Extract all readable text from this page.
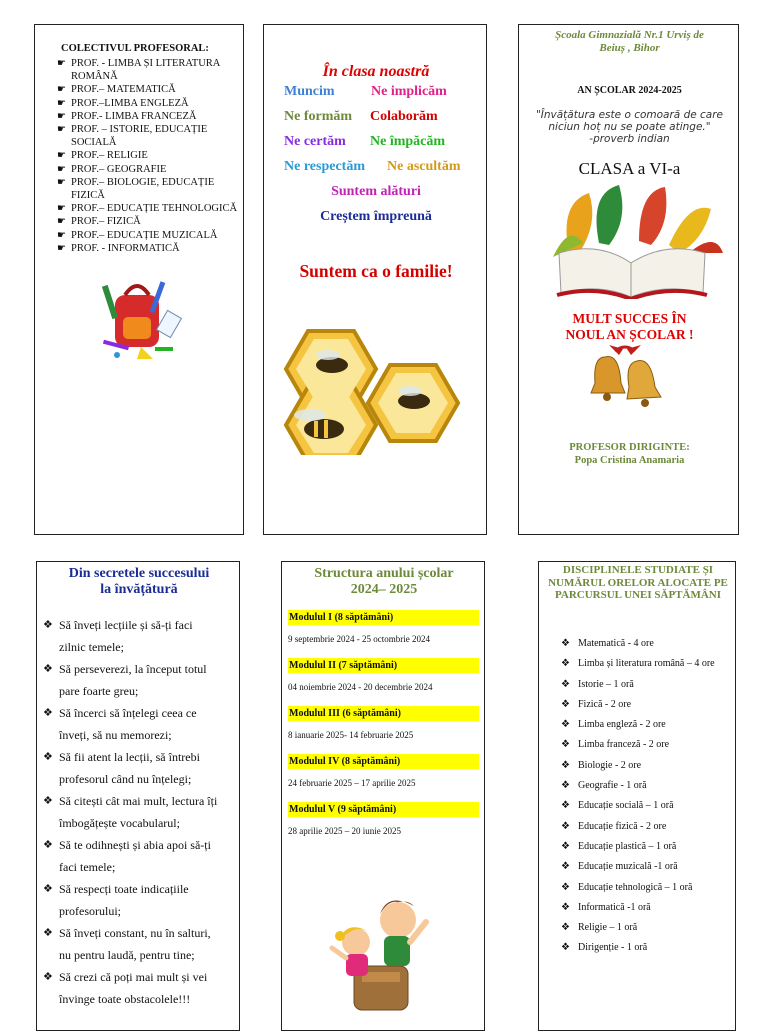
COLECTIVUL PROFESORAL:
☛ PROF. - LIMBA ȘI LITERATURA ROMÂNĂ
☛ PROF.– MATEMATICĂ
☛ PROF.–LIMBA ENGLEZĂ
☛ PROF.- LIMBA FRANCEZĂ
☛ PROF. – ISTORIE, EDUCAȚIE SOCIALĂ
☛ PROF.– RELIGIE
☛ PROF.– GEOGRAFIE
☛ PROF.– BIOLOGIE, EDUCAȚIE FIZICĂ
☛ PROF.– EDUCAȚIE TEHNOLOGICĂ
☛ PROF.– FIZICĂ
☛ PROF.– EDUCAȚIE MUZICALĂ
☛ PROF. - INFORMATICĂ
În clasa noastră
Muncim	Ne implicăm
Ne formăm Colaborăm
Ne certăm Ne împăcăm
Ne respectăm Ne ascultăm
Suntem alături
Creștem împreună
Suntem ca o familie!
Școala Gimnazială Nr.1 Urviș de
Beiuș , Bihor
AN ȘCOLAR 2024-2025
"Învățătura este o comoară de care
niciun hoț nu se poate atinge."
-proverb indian
CLASA a VI-a
MULT SUCCES ÎN
NOUL AN ȘCOLAR !
PROFESOR DIRIGINTE:
Popa Cristina Anamaria
Din secretele succesului
la învățătură
❖ Să înveți lecțiile și să-ți faci
zilnic temele;
❖ Să perseverezi, la început totul
pare foarte greu;
❖ Să încerci să înțelegi ceea ce
înveți, să nu memorezi;
❖ Să fii atent la lecții, să întrebi
profesorul când nu înțelegi;
❖ Să citești cât mai mult, lectura îți
îmbogățește vocabularul;
❖ Să te odihnești și abia apoi să-ți
faci temele;
❖ Să respecți toate indicațiile
profesorului;
❖ Să înveți constant, nu în salturi,
nu pentru laudă, pentru tine;
❖ Să crezi că poți mai mult și vei
învinge toate obstacolele!!!
Structura anului școlar
2024– 2025
Modulul I (8 săptămâni)
9 septembrie 2024 - 25 octombrie 2024
Modulul II (7 săptămâni)
04 noiembrie 2024 - 20 decembrie 2024
Modulul III (6 săptămâni)
8 ianuarie 2025- 14 februarie 2025
Modulul IV (8 săptămâni)
24 februarie 2025 – 17 aprilie 2025
Modulul V (9 săptămâni)
28 aprilie 2025 – 20 iunie 2025
DISCIPLINELE STUDIATE ȘI
NUMĂRUL ORELOR ALOCATE PE
PARCURSUL UNEI SĂPTĂMÂNI
❖ Matematică - 4 ore
❖ Limba și literatura română – 4 ore
❖ Istorie – 1 oră
❖ Fizică - 2 ore
❖ Limba engleză - 2 ore
❖ Limba franceză - 2 ore
❖ Biologie - 2 ore
❖ Geografie - 1 oră
❖ Educație socială – 1 oră
❖ Educație fizică - 2 ore
❖ Educație plastică – 1 oră
❖ Educație muzicală -1 oră
❖ Educație tehnologică – 1 oră
❖ Informatică -1 oră
❖ Religie – 1 oră
❖ Dirigenție - 1 oră
